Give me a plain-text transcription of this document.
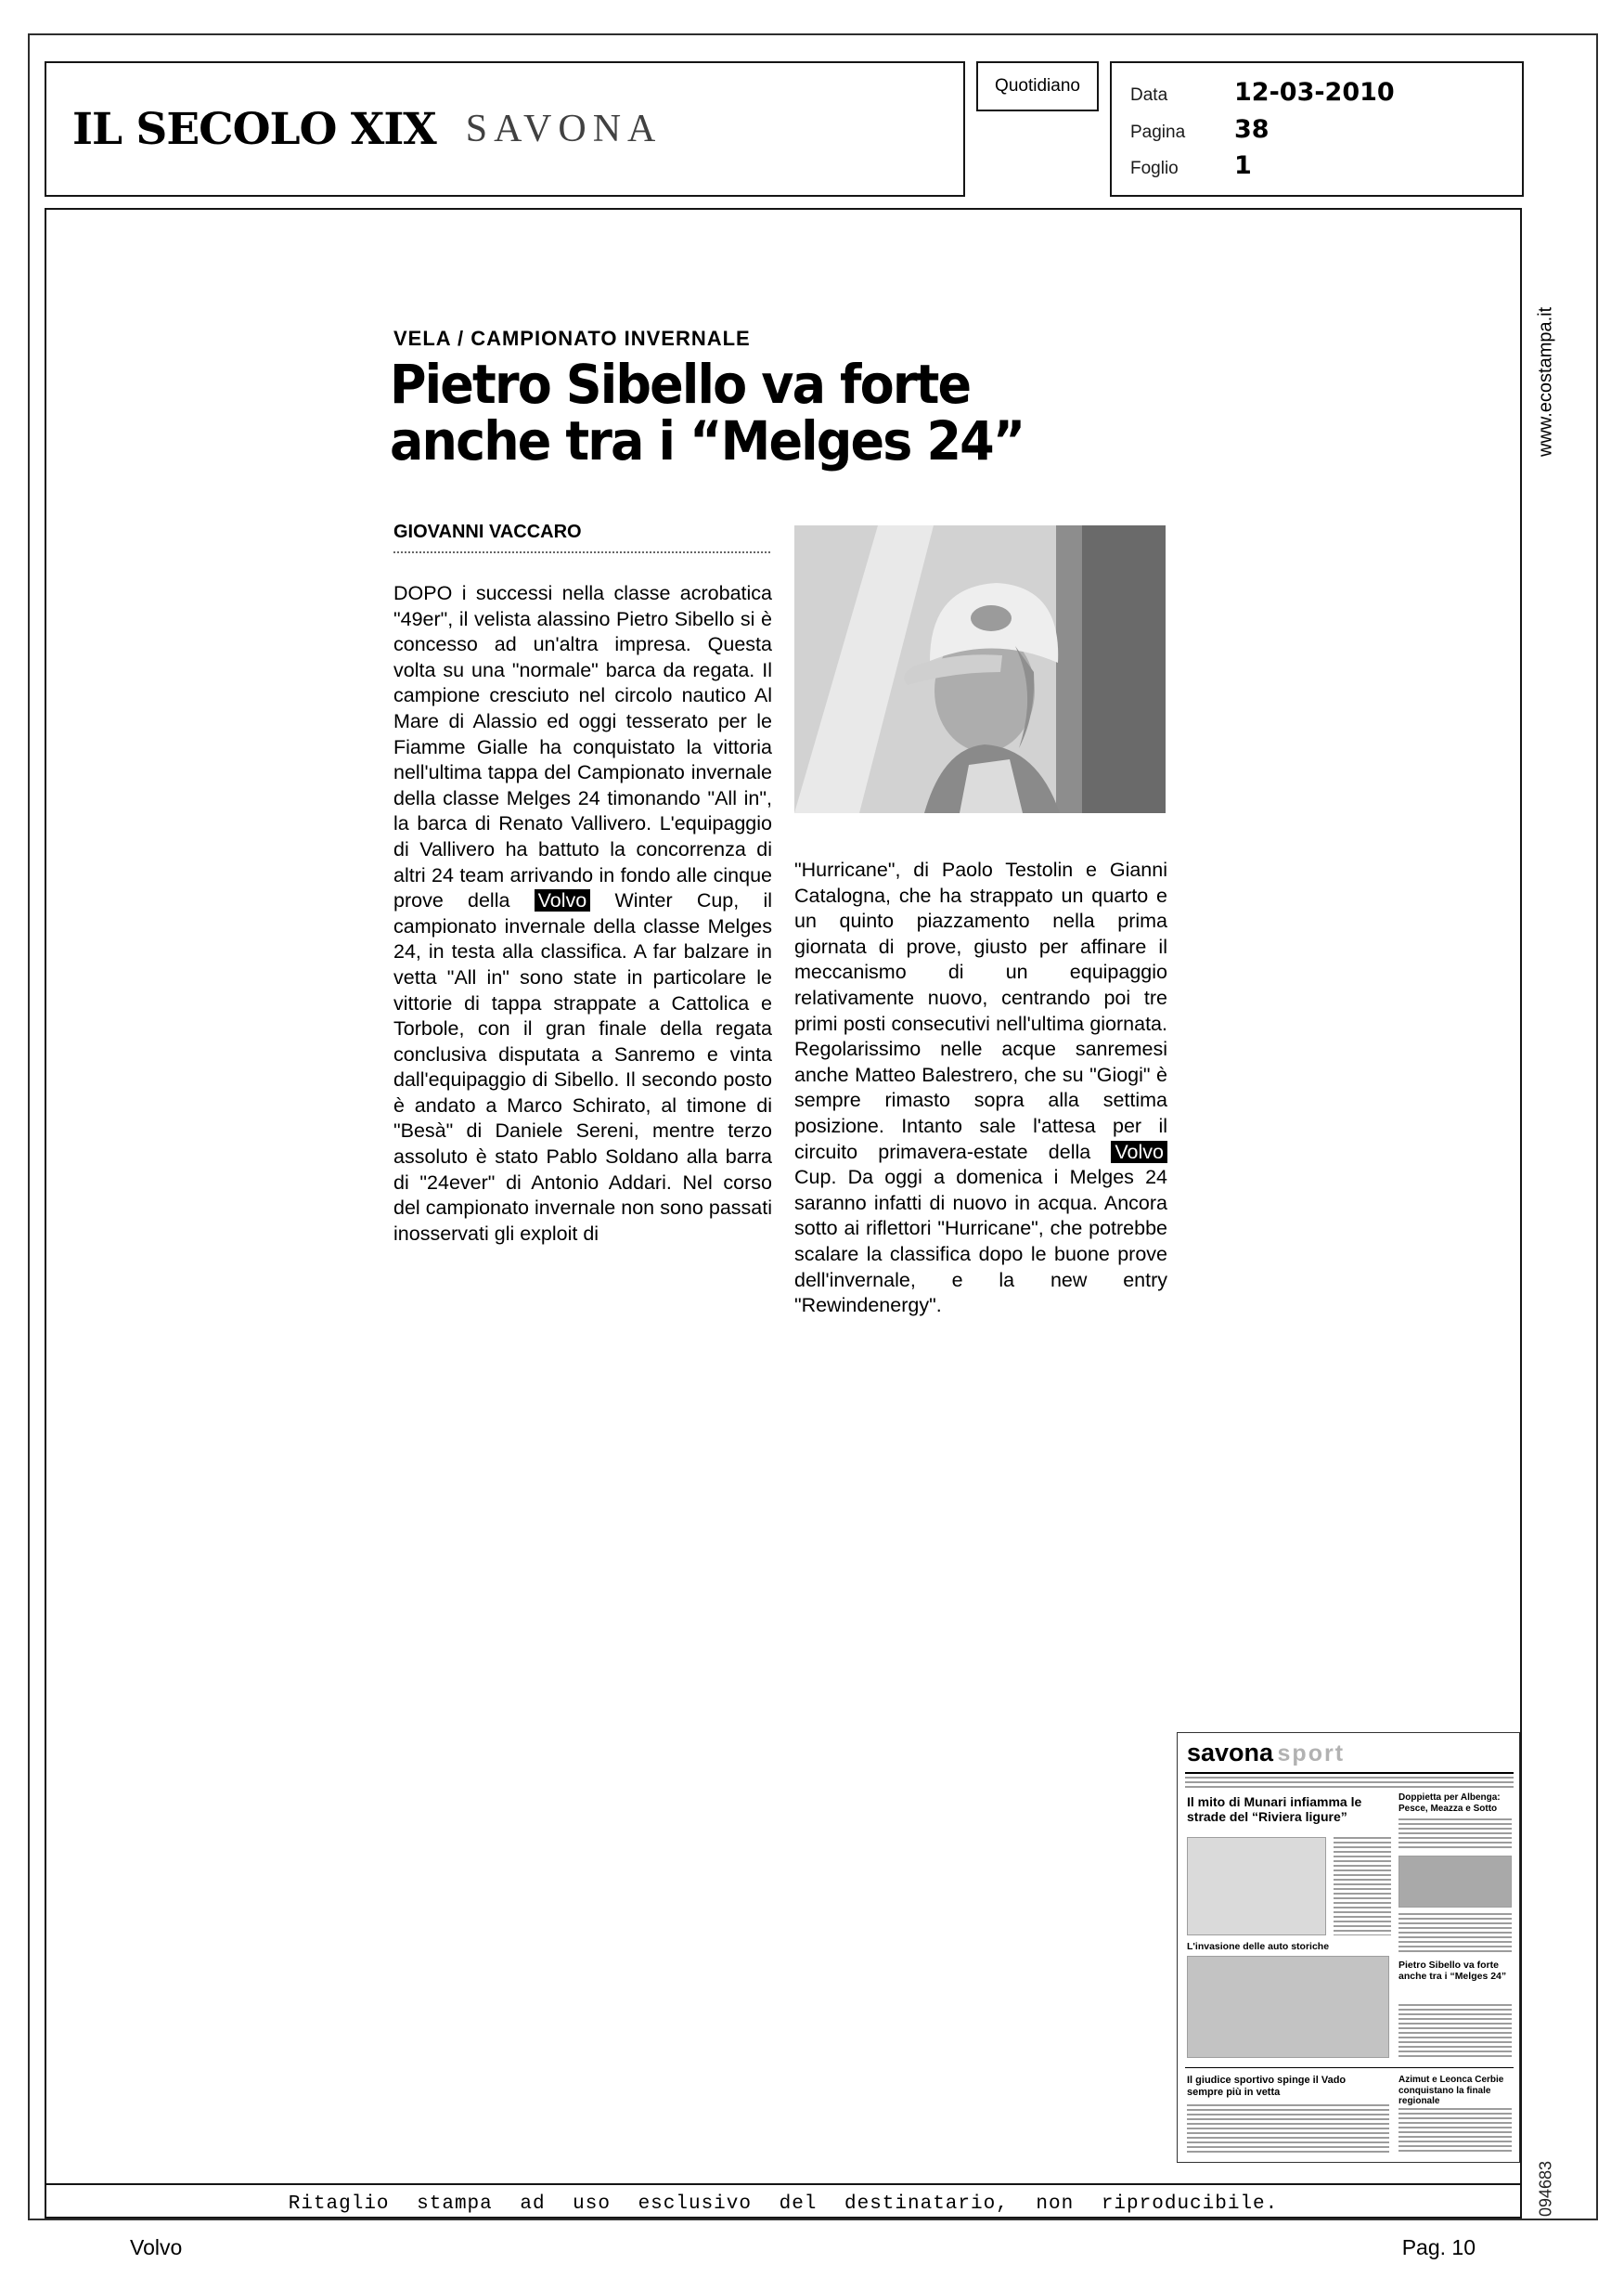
IL SECOLO XIX SAVONA
Quotidiano	Data	12-03-2010
Pagina	38
Foglio	1
VELA / CAMPIONATO INVERNALE
Pietro Sibello va forte
anche tra i “Melges 24”
GIOVANNI VACCARO
DOPO i successi nella classe acrobatica "49er", il velista alassino Pietro Sibello si è concesso ad un'altra impresa. Questa volta su una "normale" barca da regata. Il campione cresciuto nel circolo nautico Al Mare di Alassio ed oggi tesserato per le Fiamme Gialle ha conquistato la vittoria nell'ultima tappa del Campionato invernale della classe Melges 24 timonando "All in", la barca di Renato Vallivero. L'equipaggio di Vallivero ha battuto la concorrenza di altri 24 team arrivando in fondo alle cinque prove della Volvo Winter Cup, il campionato invernale della classe Melges 24, in testa alla classifica. A far balzare in vetta "All in" sono state in particolare le vittorie di tappa strappate a Cattolica e Torbole, con il gran finale della regata conclusiva disputata a Sanremo e vinta dall'equipaggio di Sibello. Il secondo posto è andato a Marco Schirato, al timone di "Besà" di Daniele Sereni, mentre terzo assoluto è stato Pablo Soldano alla barra di "24ever" di Antonio Addari. Nel corso del campionato invernale non sono passati inosservati gli exploit di
"Hurricane", di Paolo Testolin e Gianni Catalogna, che ha strappato un quarto e un quinto piazzamento nella prima giornata di prove, giusto per affinare il meccanismo di un equipaggio relativamente nuovo, centrando poi tre primi posti consecutivi nell'ultima giornata. Regolarissimo nelle acque sanremesi anche Matteo Balestrero, che su "Giogi" è sempre rimasto sopra alla settima posizione. Intanto sale l'attesa per il circuito primavera-estate della Volvo Cup. Da oggi a domenica i Melges 24 saranno infatti di nuovo in acqua. Ancora sotto ai riflettori "Hurricane", che potrebbe scalare la classifica dopo le buone prove dell'invernale, e la new entry "Rewindenergy".
savona sport
Il mito di Munari infiamma le strade del “Riviera ligure”
Doppietta per Albenga: Pesce, Meazza e Sotto
L'invasione delle auto storiche
Pietro Sibello va forte anche tra i “Melges 24”
Il giudice sportivo spinge il Vado sempre più in vetta
Azimut e Leonca Cerbie conquistano la finale regionale
Ritaglio stampa ad uso esclusivo del destinatario, non riproducibile.
Volvo	Pag. 10
www.ecostampa.it
094683
